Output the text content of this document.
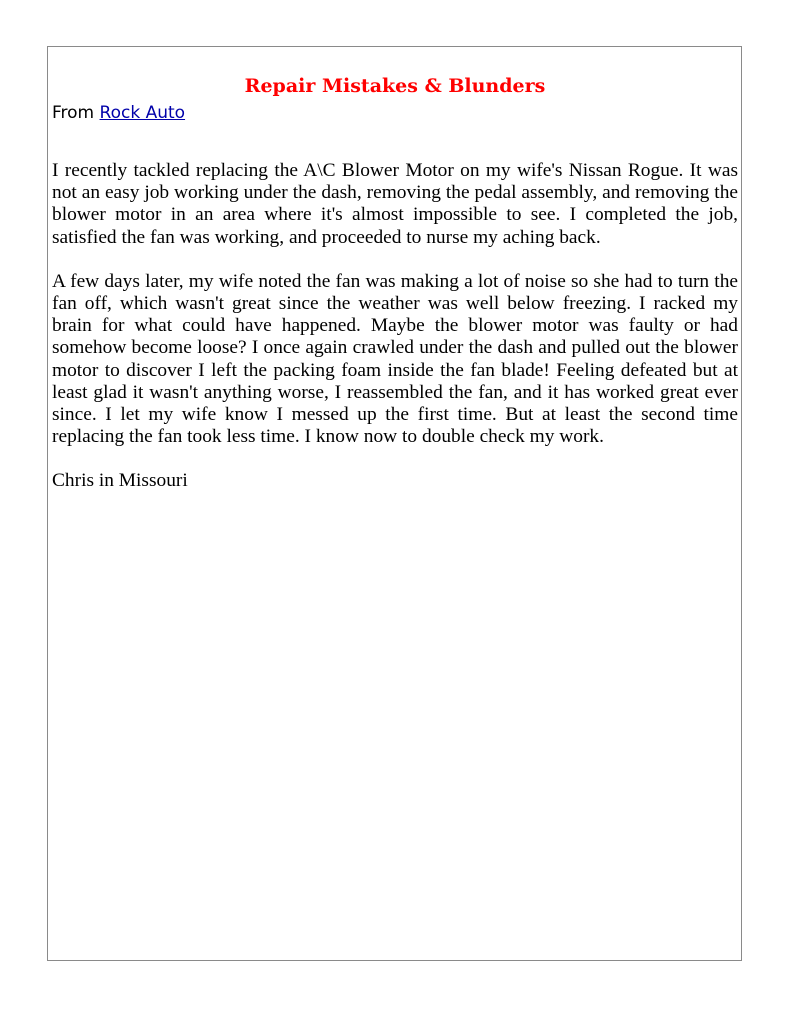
Repair Mistakes & Blunders
From Rock Auto

I recently tackled replacing the A\C Blower Motor on my wife's Nissan Rogue. It was not an easy job working under the dash, removing the pedal assembly, and removing the blower motor in an area where it's almost impossible to see. I completed the job, satisfied the fan was working, and proceeded to nurse my aching back.

A few days later, my wife noted the fan was making a lot of noise so she had to turn the fan off, which wasn't great since the weather was well below freezing. I racked my brain for what could have happened. Maybe the blower motor was faulty or had somehow become loose? I once again crawled under the dash and pulled out the blower motor to discover I left the packing foam inside the fan blade! Feeling defeated but at least glad it wasn't anything worse, I reassembled the fan, and it has worked great ever since. I let my wife know I messed up the first time. But at least the second time replacing the fan took less time. I know now to double check my work.

Chris in Missouri
